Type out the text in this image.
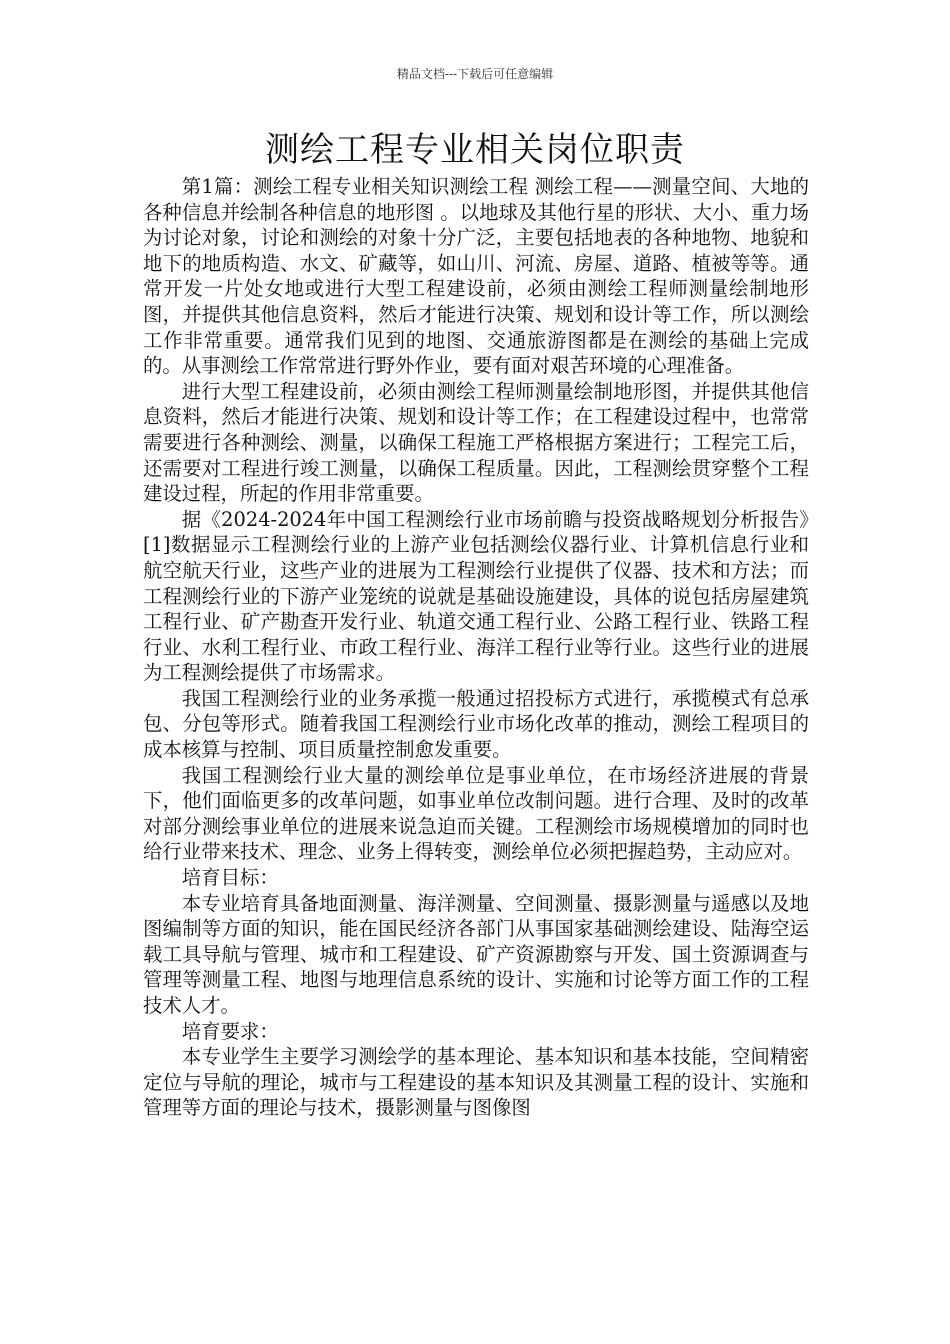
精品文档---下载后可任意编辑
测绘工程专业相关岗位职责

第1篇：测绘工程专业相关知识测绘工程 测绘工程——测量空间、大地的各种信息并绘制各种信息的地形图 。以地球及其他行星的形状、大小、重力场为讨论对象，讨论和测绘的对象十分广泛，主要包括地表的各种地物、地貌和地下的地质构造、水文、矿藏等，如山川、河流、房屋、道路、植被等等。通常开发一片处女地或进行大型工程建设前，必须由测绘工程师测量绘制地形图，并提供其他信息资料，然后才能进行决策、规划和设计等工作，所以测绘工作非常重要。通常我们见到的地图、交通旅游图都是在测绘的基础上完成的。从事测绘工作常常进行野外作业，要有面对艰苦环境的心理准备。

进行大型工程建设前，必须由测绘工程师测量绘制地形图，并提供其他信息资料，然后才能进行决策、规划和设计等工作；在工程建设过程中，也常常需要进行各种测绘、测量，以确保工程施工严格根据方案进行；工程完工后，还需要对工程进行竣工测量，以确保工程质量。因此，工程测绘贯穿整个工程建设过程，所起的作用非常重要。

据《2024-2024年中国工程测绘行业市场前瞻与投资战略规划分析报告》[1]数据显示工程测绘行业的上游产业包括测绘仪器行业、计算机信息行业和航空航天行业，这些产业的进展为工程测绘行业提供了仪器、技术和方法；而工程测绘行业的下游产业笼统的说就是基础设施建设，具体的说包括房屋建筑工程行业、矿产勘查开发行业、轨道交通工程行业、公路工程行业、铁路工程行业、水利工程行业、市政工程行业、海洋工程行业等行业。这些行业的进展为工程测绘提供了市场需求。

我国工程测绘行业的业务承揽一般通过招投标方式进行，承揽模式有总承包、分包等形式。随着我国工程测绘行业市场化改革的推动，测绘工程项目的成本核算与控制、项目质量控制愈发重要。

我国工程测绘行业大量的测绘单位是事业单位，在市场经济进展的背景下，他们面临更多的改革问题，如事业单位改制问题。进行合理、及时的改革对部分测绘事业单位的进展来说急迫而关键。工程测绘市场规模增加的同时也给行业带来技术、理念、业务上得转变，测绘单位必须把握趋势，主动应对。

培育目标：

本专业培育具备地面测量、海洋测量、空间测量、摄影测量与遥感以及地图编制等方面的知识，能在国民经济各部门从事国家基础测绘建设、陆海空运载工具导航与管理、城市和工程建设、矿产资源勘察与开发、国土资源调查与管理等测量工程、地图与地理信息系统的设计、实施和讨论等方面工作的工程技术人才。

培育要求：

本专业学生主要学习测绘学的基本理论、基本知识和基本技能，空间精密定位与导航的理论，城市与工程建设的基本知识及其测量工程的设计、实施和管理等方面的理论与技术，摄影测量与图像图
